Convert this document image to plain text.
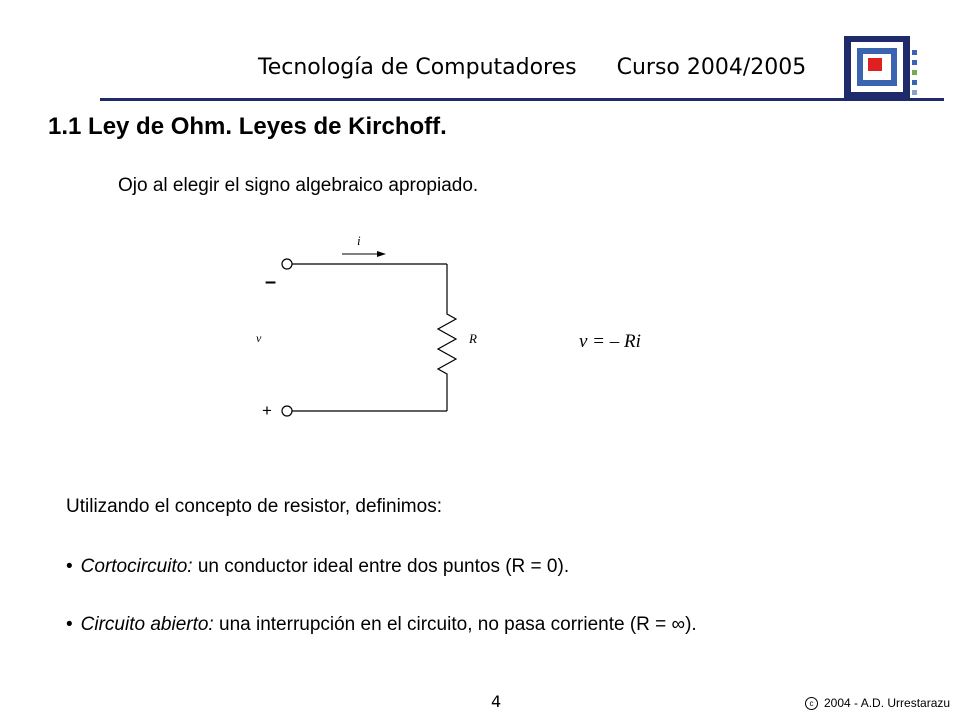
Tecnología de Computadores Curso 2004/2005
1.1 Ley de Ohm. Leyes de Kirchoff.
Ojo al elegir el signo algebraico apropiado.
i
v	R
–
+
v = – Ri
Utilizando el concepto de resistor, definimos:
• Cortocircuito: un conductor ideal entre dos puntos (R = 0).
• Circuito abierto: una interrupción en el circuito, no pasa corriente (R = ∞).
4	c 2004 - A.D. Urrestarazu
